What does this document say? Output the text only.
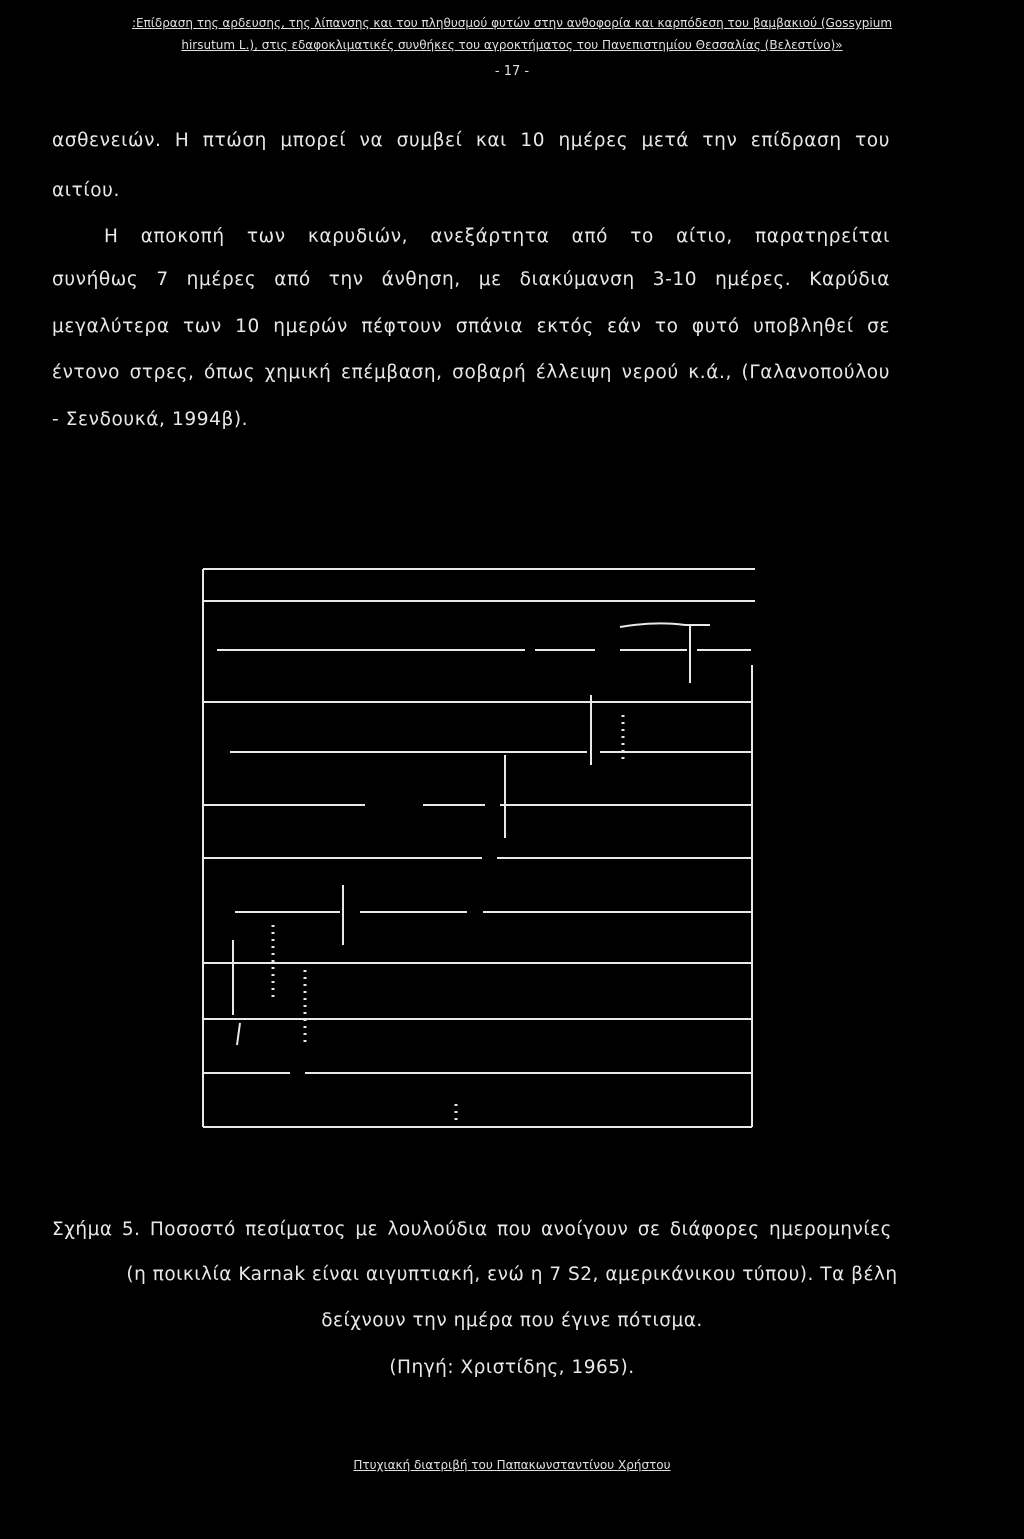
:Επίδραση της αρδευσης, της λίπανσης και του πληθυσμού φυτών στην ανθοφορία και καρπόδεση του βαμβακιού (Gossypium
hirsutum L.), στις εδαφοκλιματικές συνθήκες του αγροκτήματος του Πανεπιστημίου Θεσσαλίας (Βελεστίνο)»
- 17 -
ασθενειών. Η πτώση μπορεί να συμβεί και 10 ημέρες μετά την επίδραση του
αιτίου.
Η αποκοπή των καρυδιών, ανεξάρτητα από το αίτιο, παρατηρείται
συνήθως 7 ημέρες από την άνθηση, με διακύμανση 3-10 ημέρες. Καρύδια
μεγαλύτερα των 10 ημερών πέφτουν σπάνια εκτός εάν το φυτό υποβληθεί σε
έντονο στρες, όπως χημική επέμβαση, σοβαρή έλλειψη νερού κ.ά., (Γαλανοπούλου
- Σενδουκά, 1994β).
Σχήμα 5. Ποσοστό πεσίματος με λουλούδια που ανοίγουν σε διάφορες ημερομηνίες
(η ποικιλία Karnak είναι αιγυπτιακή, ενώ η 7 S2, αμερικάνικου τύπου). Τα βέλη
δείχνουν την ημέρα που έγινε πότισμα.
(Πηγή: Χριστίδης, 1965).
Πτυχιακή διατριβή του Παπακωνσταντίνου Χρήστου
